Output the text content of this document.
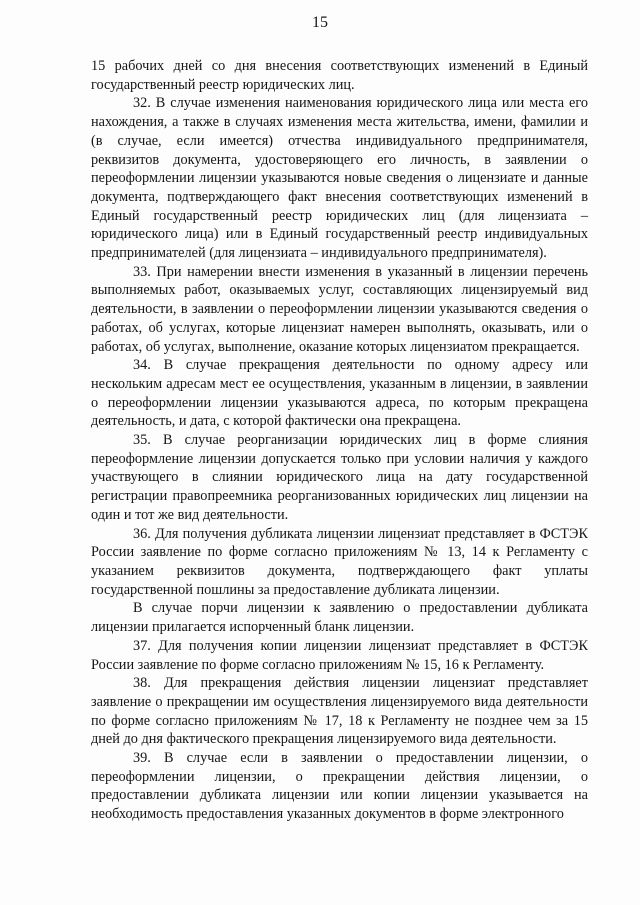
15

15 рабочих дней со дня внесения соответствующих изменений в Единый государственный реестр юридических лиц.

32. В случае изменения наименования юридического лица или места его нахождения, а также в случаях изменения места жительства, имени, фамилии и (в случае, если имеется) отчества индивидуального предпринимателя, реквизитов документа, удостоверяющего его личность, в заявлении о переоформлении лицензии указываются новые сведения о лицензиате и данные документа, подтверждающего факт внесения соответствующих изменений в Единый государственный реестр юридических лиц (для лицензиата – юридического лица) или в Единый государственный реестр индивидуальных предпринимателей (для лицензиата – индивидуального предпринимателя).

33. При намерении внести изменения в указанный в лицензии перечень выполняемых работ, оказываемых услуг, составляющих лицензируемый вид деятельности, в заявлении о переоформлении лицензии указываются сведения о работах, об услугах, которые лицензиат намерен выполнять, оказывать, или о работах, об услугах, выполнение, оказание которых лицензиатом прекращается.

34. В случае прекращения деятельности по одному адресу или нескольким адресам мест ее осуществления, указанным в лицензии, в заявлении о переоформлении лицензии указываются адреса, по которым прекращена деятельность, и дата, с которой фактически она прекращена.

35. В случае реорганизации юридических лиц в форме слияния переоформление лицензии допускается только при условии наличия у каждого участвующего в слиянии юридического лица на дату государственной регистрации правопреемника реорганизованных юридических лиц лицензии на один и тот же вид деятельности.

36. Для получения дубликата лицензии лицензиат представляет в ФСТЭК России заявление по форме согласно приложениям № 13, 14 к Регламенту с указанием реквизитов документа, подтверждающего факт уплаты государственной пошлины за предоставление дубликата лицензии.

В случае порчи лицензии к заявлению о предоставлении дубликата лицензии прилагается испорченный бланк лицензии.

37. Для получения копии лицензии лицензиат представляет в ФСТЭК России заявление по форме согласно приложениям № 15, 16 к Регламенту.

38. Для прекращения действия лицензии лицензиат представляет заявление о прекращении им осуществления лицензируемого вида деятельности по форме согласно приложениям № 17, 18 к Регламенту не позднее чем за 15 дней до дня фактического прекращения лицензируемого вида деятельности.

39. В случае если в заявлении о предоставлении лицензии, о переоформлении лицензии, о прекращении действия лицензии, о предоставлении дубликата лицензии или копии лицензии указывается на необходимость предоставления указанных документов в форме электронного
